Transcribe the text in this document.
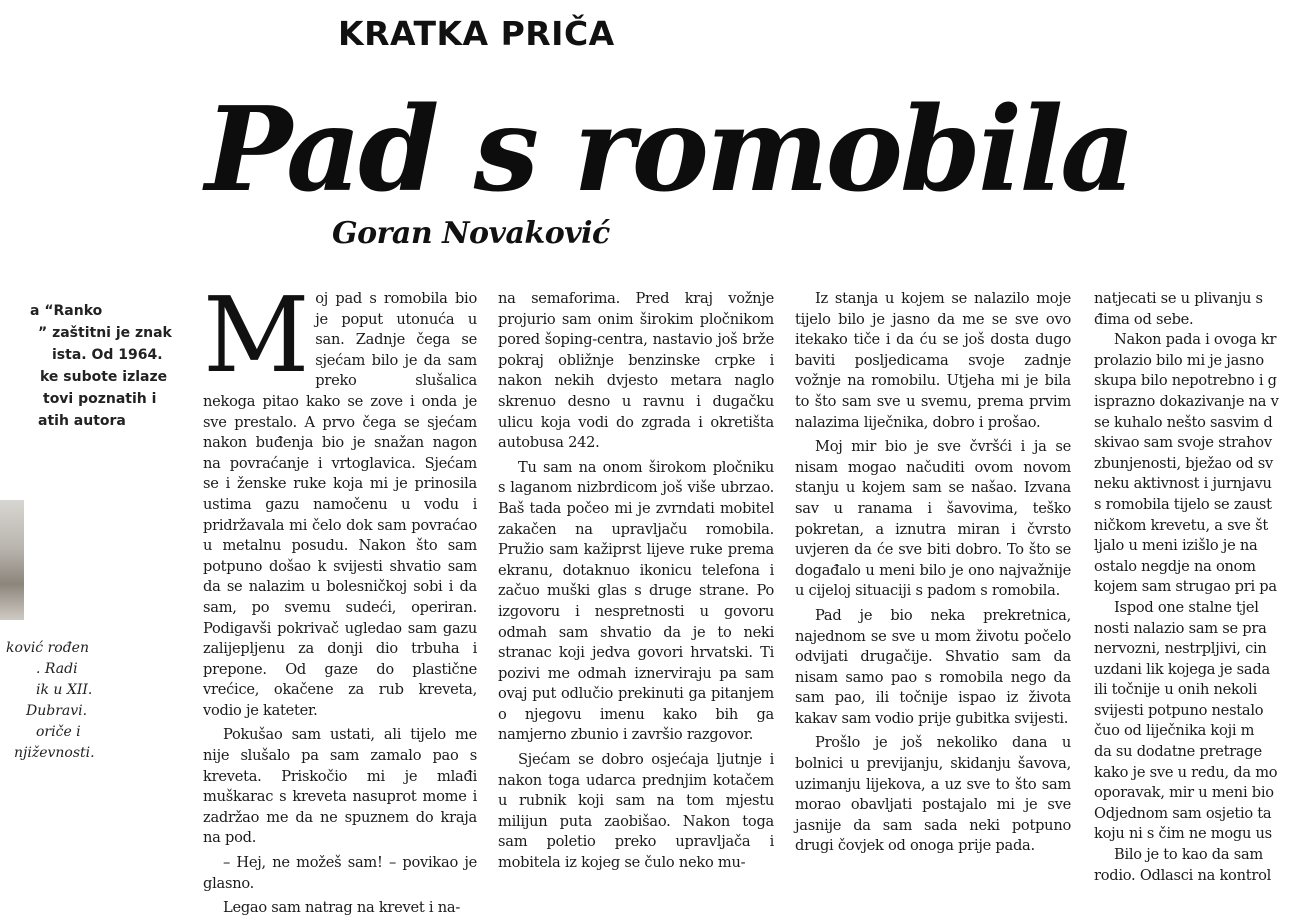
KRATKA PRIČA
Pad s romobila
Goran Novaković
a “Ranko
” zaštitni je znak
ista. Od 1964.
ke subote izlaze
tovi poznatih i
atih autora
ković rođen
. Radi
ik u XII.
Dubravi.
oriče i
njiževnosti.

Moj pad s romobila bio je poput utonuća u san. Zadnje čega se sjećam bilo je da sam preko slušalica nekoga pitao kako se zove i onda je sve prestalo. A prvo čega se sjećam nakon buđenja bio je snažan nagon na povraćanje i vrtoglavica. Sjećam se i ženske ruke koja mi je prinosila ustima gazu namočenu u vodu i pridržavala mi čelo dok sam povraćao u metalnu posudu. Nakon što sam potpuno došao k svijesti shvatio sam da se nalazim u bolesničkoj sobi i da sam, po svemu sudeći, operiran. Podigavši pokrivač ugledao sam gazu zalijepljenu za donji dio trbuha i prepone. Od gaze do plastične vrećice, okačene za rub kreveta, vodio je kateter.

Pokušao sam ustati, ali tijelo me nije slušalo pa sam zamalo pao s kreveta. Priskočio mi je mlađi muškarac s kreveta nasuprot mome i zadržao me da ne spuznem do kraja na pod.

– Hej, ne možeš sam! – povikao je glasno.

Legao sam natrag na krevet i na-

na semaforima. Pred kraj vožnje projurio sam onim širokim pločnikom pored šoping-centra, nastavio još brže pokraj obližnje benzinske crpke i nakon nekih dvjesto metara naglo skrenuo desno u ravnu i dugačku ulicu koja vodi do zgrada i okretišta autobusa 242.

Tu sam na onom širokom pločniku s laganom nizbrdicom još više ubrzao. Baš tada počeo mi je zvrndati mobitel zakačen na upravljaču romobila. Pružio sam kažiprst lijeve ruke prema ekranu, dotaknuo ikonicu telefona i začuo muški glas s druge strane. Po izgovoru i nespretnosti u govoru odmah sam shvatio da je to neki stranac koji jedva govori hrvatski. Ti pozivi me odmah iznerviraju pa sam ovaj put odlučio prekinuti ga pitanjem o njegovu imenu kako bih ga namjerno zbunio i završio razgovor.

Sjećam se dobro osjećaja ljutnje i nakon toga udarca prednjim kotačem u rubnik koji sam na tom mjestu milijun puta zaobišao. Nakon toga sam poletio preko upravljača i mobitela iz kojeg se čulo neko mu-

Iz stanja u kojem se nalazilo moje tijelo bilo je jasno da me se sve ovo itekako tiče i da ću se još dosta dugo baviti posljedicama svoje zadnje vožnje na romobilu. Utjeha mi je bila to što sam sve u svemu, prema prvim nalazima liječnika, dobro i prošao.

Moj mir bio je sve čvršći i ja se nisam mogao načuditi ovom novom stanju u kojem sam se našao. Izvana sav u ranama i šavovima, teško pokretan, a iznutra miran i čvrsto uvjeren da će sve biti dobro. To što se događalo u meni bilo je ono najvažnije u cijeloj situaciji s padom s romobila.

Pad je bio neka prekretnica, najednom se sve u mom životu počelo odvijati drugačije. Shvatio sam da nisam samo pao s romobila nego da sam pao, ili točnije ispao iz života kakav sam vodio prije gubitka svijesti.

Prošlo je još nekoliko dana u bolnici u previjanju, skidanju šavova, uzimanju lijekova, a uz sve to što sam morao obavljati postajalo mi je sve jasnije da sam sada neki potpuno drugi čovjek od onoga prije pada.

natjecati se u plivanju s

đima od sebe.

Nakon pada i ovoga kr

prolazio bilo mi je jasno

skupa bilo nepotrebno i g

isprazno dokazivanje na v

se kuhalo nešto sasvim d

skivao sam svoje strahov

zbunjenosti, bježao od sv

neku aktivnost i jurnjavu

s romobila tijelo se zaust

ničkom krevetu, a sve št

ljalo u meni izišlo je na

ostalo negdje na onom

kojem sam strugao pri pa

Ispod one stalne tjel

nosti nalazio sam se pra

nervozni, nestrpljivi, cin

uzdani lik kojega je sada

ili točnije u onih nekoli

svijesti potpuno nestalo

čuo od liječnika koji m

da su dodatne pretrage

kako je sve u redu, da mo

oporavak, mir u meni bio

Odjednom sam osjetio ta

koju ni s čim ne mogu us

Bilo je to kao da sam

rodio. Odlasci na kontrol
